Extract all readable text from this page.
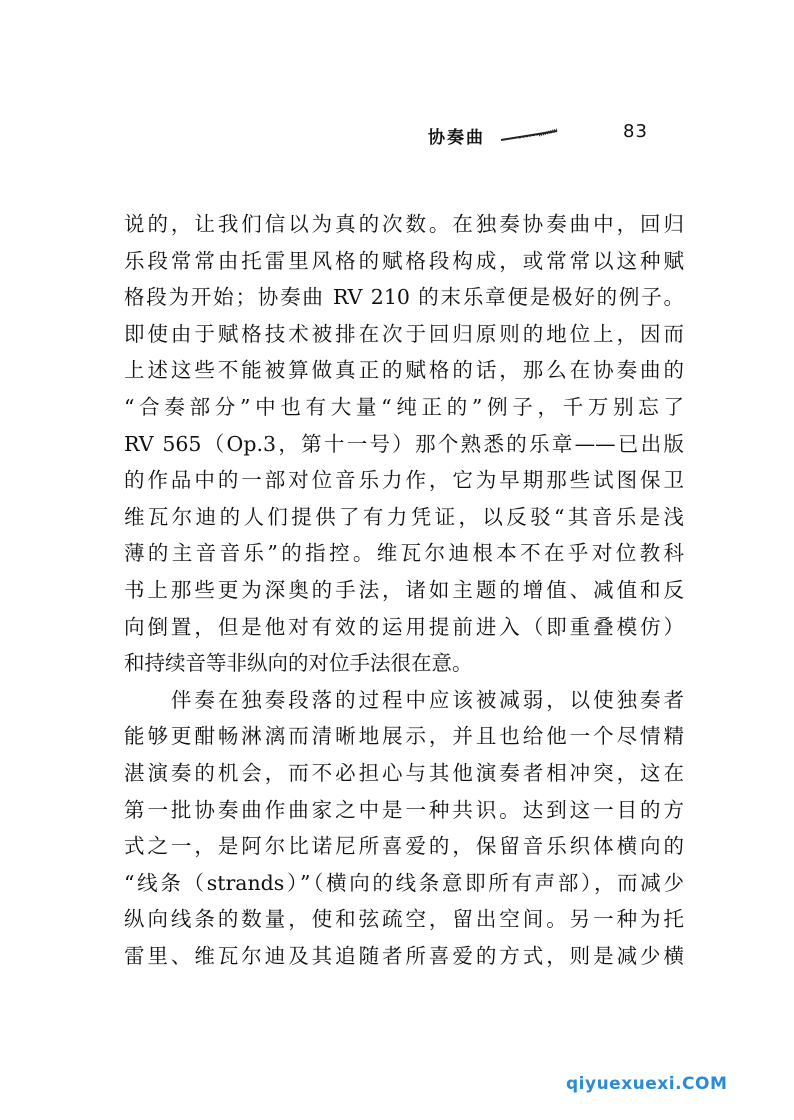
协奏曲	83
说的，让我们信以为真的次数。在独奏协奏曲中，回归
乐段常常由托雷里风格的赋格段构成，或常常以这种赋
格段为开始；协奏曲 RV 210 的末乐章便是极好的例子。
即使由于赋格技术被排在次于回归原则的地位上，因而
上述这些不能被算做真正的赋格的话，那么在协奏曲的
“合奏部分”中也有大量“纯正的”例子，千万别忘了
RV 565（Op.3，第十一号）那个熟悉的乐章——已出版
的作品中的一部对位音乐力作，它为早期那些试图保卫
维瓦尔迪的人们提供了有力凭证，以反驳“其音乐是浅
薄的主音音乐”的指控。维瓦尔迪根本不在乎对位教科
书上那些更为深奥的手法，诸如主题的增值、减值和反
向倒置，但是他对有效的运用提前进入（即重叠模仿）
和持续音等非纵向的对位手法很在意。
　　伴奏在独奏段落的过程中应该被减弱，以使独奏者
能够更酣畅淋漓而清晰地展示，并且也给他一个尽情精
湛演奏的机会，而不必担心与其他演奏者相冲突，这在
第一批协奏曲作曲家之中是一种共识。达到这一目的方
式之一，是阿尔比诺尼所喜爱的，保留音乐织体横向的
“线条（strands）”（横向的线条意即所有声部），而减少
纵向线条的数量，使和弦疏空，留出空间。另一种为托
雷里、维瓦尔迪及其追随者所喜爱的方式，则是减少横
qiyuexuexi.COM
